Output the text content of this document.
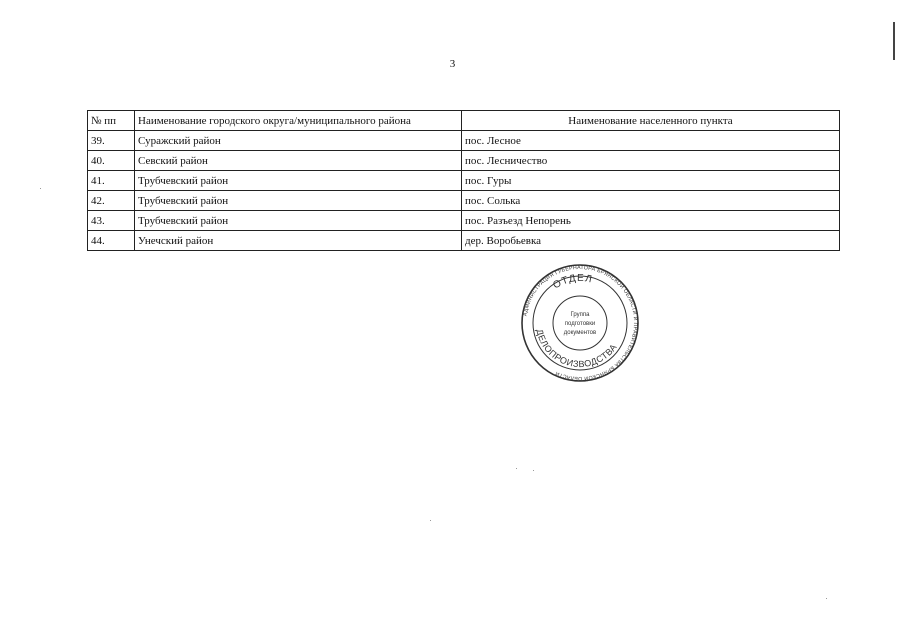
3
№ пп	Наименование городского округа/муниципального района	Наименование населенного пункта
39.	Суражский район	пос. Лесное
40.	Севский район	пос. Лесничество
41.	Трубчевский район	пос. Гуры
42.	Трубчевский район	пос. Солька
43.	Трубчевский район	пос. Разъезд Непорень
44.	Унечский район	дер. Воробьевка
АДМИНИСТРАЦИЯ ГУБЕРНАТОРА БРЯНСКОЙ ОБЛАСТИ И ПРАВИТЕЛЬСТВА БРЯНСКОЙ ОБЛАСТИ
ОТДЕЛ
ДЕЛОПРОИЗВОДСТВА
Группа
подготовки
документов
